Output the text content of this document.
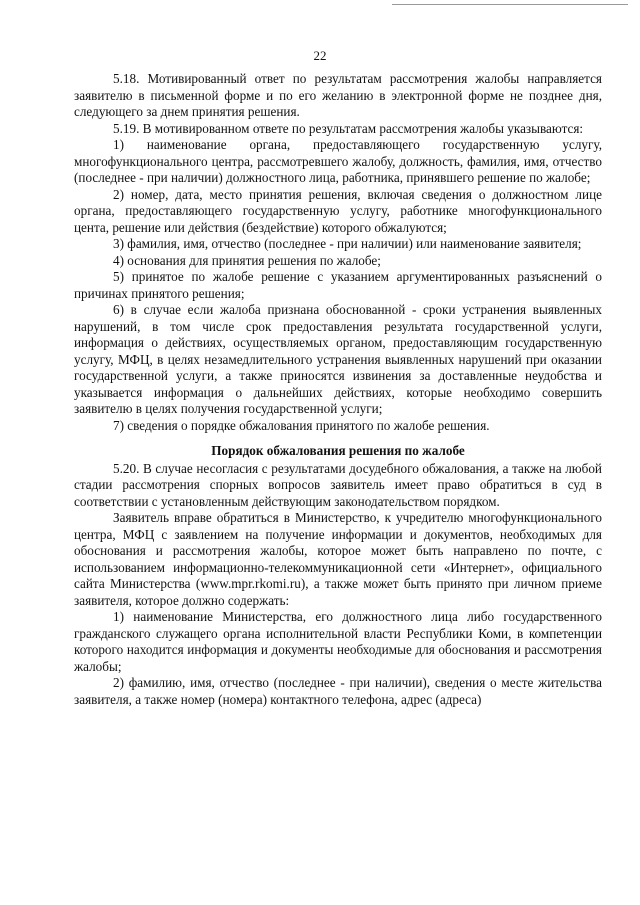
22

5.18. Мотивированный ответ по результатам рассмотрения жалобы направляется заявителю в письменной форме и по его желанию в электронной форме не позднее дня, следующего за днем принятия решения.

5.19. В мотивированном ответе по результатам рассмотрения жалобы указываются:

1) наименование органа, предоставляющего государственную услугу, многофункционального центра, рассмотревшего жалобу, должность, фамилия, имя, отчество (последнее - при наличии) должностного лица, работника, принявшего решение по жалобе;

2) номер, дата, место принятия решения, включая сведения о должностном лице органа, предоставляющего государственную услугу, работнике многофункционального цента, решение или действия (бездействие) которого обжалуются;

3) фамилия, имя, отчество (последнее - при наличии) или наименование заявителя;

4) основания для принятия решения по жалобе;

5) принятое по жалобе решение с указанием аргументированных разъяснений о причинах принятого решения;

6) в случае если жалоба признана обоснованной - сроки устранения выявленных нарушений, в том числе срок предоставления результата государственной услуги, информация о действиях, осуществляемых органом, предоставляющим государственную услугу, МФЦ, в целях незамедлительного устранения выявленных нарушений при оказании государственной услуги, а также приносятся извинения за доставленные неудобства и указывается информация о дальнейших действиях, которые необходимо совершить заявителю в целях получения государственной услуги;

7) сведения о порядке обжалования принятого по жалобе решения.

Порядок обжалования решения по жалобе

5.20. В случае несогласия с результатами досудебного обжалования, а также на любой стадии рассмотрения спорных вопросов заявитель имеет право обратиться в суд в соответствии с установленным действующим законодательством порядком.

Заявитель вправе обратиться в Министерство, к учредителю многофункционального центра, МФЦ с заявлением на получение информации и документов, необходимых для обоснования и рассмотрения жалобы, которое может быть направлено по почте, с использованием информационно-телекоммуникационной сети «Интернет», официального сайта Министерства (www.mpr.rkomi.ru), а также может быть принято при личном приеме заявителя, которое должно содержать:

1) наименование Министерства, его должностного лица либо государственного гражданского служащего органа исполнительной власти Республики Коми, в компетенции которого находится информация и документы необходимые для обоснования и рассмотрения жалобы;

2) фамилию, имя, отчество (последнее - при наличии), сведения о месте жительства заявителя, а также номер (номера) контактного телефона, адрес (адреса)
